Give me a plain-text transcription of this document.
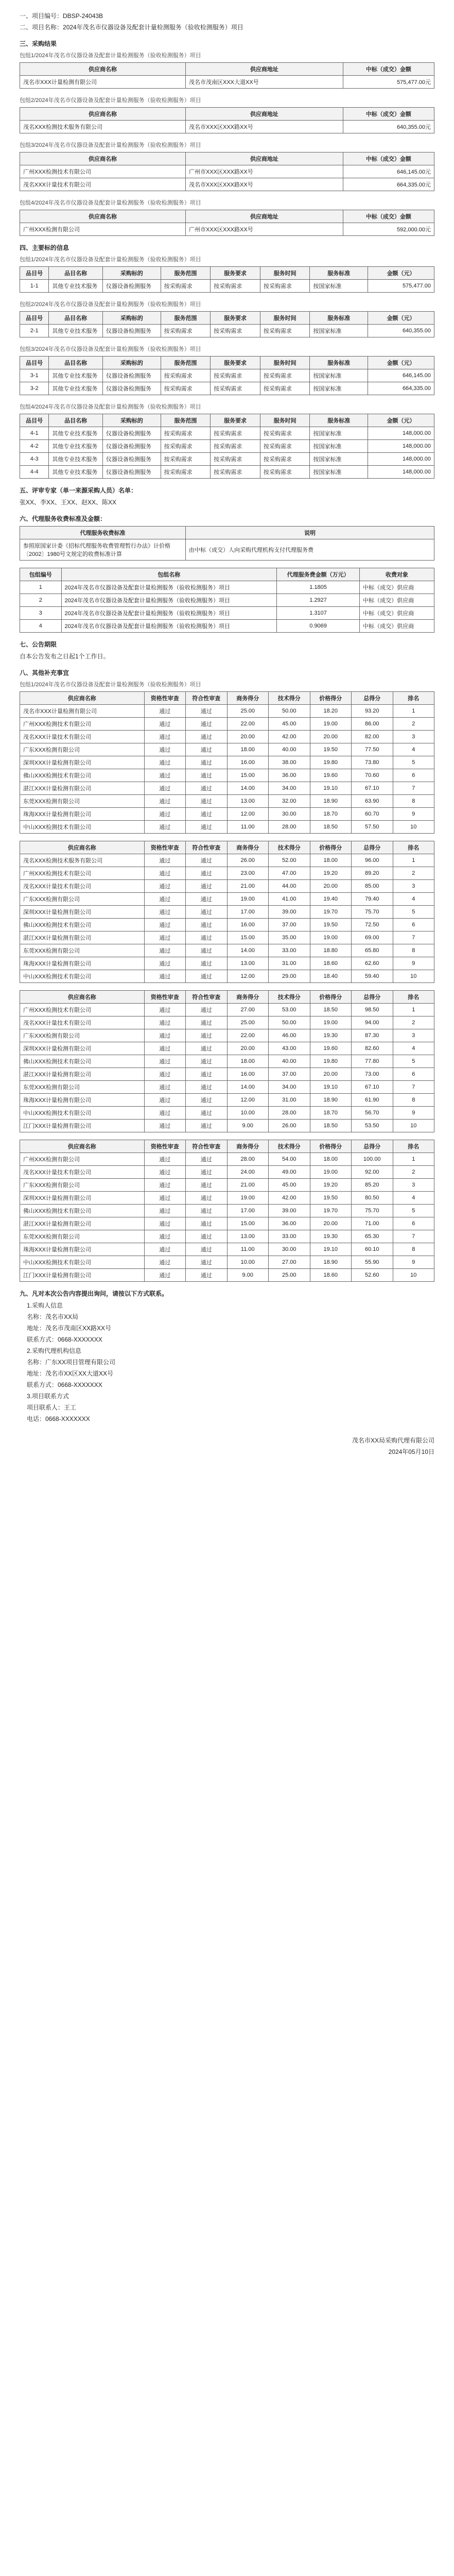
一、项目编号：DBSP-24043B
二、项目名称：2024年茂名市仪器设备及配套计量检测服务（验收检测服务）项目
三、采购结果
包组1/2024年茂名市仪器设备及配套计量检测服务（验收检测服务）项目
供应商名称	供应商地址	中标（成交）金额
茂名市XXX计量检测有限公司	茂名市茂南区XXX大道XX号	575,477.00元
包组2/2024年茂名市仪器设备及配套计量检测服务（验收检测服务）项目
供应商名称	供应商地址	中标（成交）金额
茂名XXX检测技术服务有限公司	茂名市XXX区XXX路XX号	640,355.00元
包组3/2024年茂名市仪器设备及配套计量检测服务（验收检测服务）项目
供应商名称	供应商地址	中标（成交）金额
广州XXX检测技术有限公司	广州市XXX区XXX路XX号	646,145.00元
茂名XXX计量技术有限公司	茂名市XXX区XXX路XX号	664,335.00元
包组4/2024年茂名市仪器设备及配套计量检测服务（验收检测服务）项目
供应商名称	供应商地址	中标（成交）金额
广州XXX检测有限公司	广州市XXX区XXX路XX号	592,000.00元
四、主要标的信息
包组1/2024年茂名市仪器设备及配套计量检测服务（验收检测服务）项目
品目号	品目名称	采购标的	服务范围	服务要求	服务时间	服务标准	金额（元）
1-1	其他专业技术服务	仪器设备检测服务	按采购需求	按采购需求	按采购需求	按国家标准	575,477.00
包组2/2024年茂名市仪器设备及配套计量检测服务（验收检测服务）项目
品目号	品目名称	采购标的	服务范围	服务要求	服务时间	服务标准	金额（元）
2-1	其他专业技术服务	仪器设备检测服务	按采购需求	按采购需求	按采购需求	按国家标准	640,355.00
包组3/2024年茂名市仪器设备及配套计量检测服务（验收检测服务）项目
品目号	品目名称	采购标的	服务范围	服务要求	服务时间	服务标准	金额（元）
3-1	其他专业技术服务	仪器设备检测服务	按采购需求	按采购需求	按采购需求	按国家标准	646,145.00
3-2	其他专业技术服务	仪器设备检测服务	按采购需求	按采购需求	按采购需求	按国家标准	664,335.00
包组4/2024年茂名市仪器设备及配套计量检测服务（验收检测服务）项目
品目号	品目名称	采购标的	服务范围	服务要求	服务时间	服务标准	金额（元）
4-1	其他专业技术服务	仪器设备检测服务	按采购需求	按采购需求	按采购需求	按国家标准	148,000.00
4-2	其他专业技术服务	仪器设备检测服务	按采购需求	按采购需求	按采购需求	按国家标准	148,000.00
4-3	其他专业技术服务	仪器设备检测服务	按采购需求	按采购需求	按采购需求	按国家标准	148,000.00
4-4	其他专业技术服务	仪器设备检测服务	按采购需求	按采购需求	按采购需求	按国家标准	148,000.00
五、评审专家（单一来源采购人员）名单：
张XX、李XX、王XX、赵XX、陈XX
六、代理服务收费标准及金额：
代理服务收费标准	说明
参照原国家计委《招标代理服务收费管理暂行办法》计价格〔2002〕1980号文规定的收费标准计算	由中标（成交）人向采购代理机构支付代理服务费
包组编号	包组名称	代理服务费金额（万元）	收费对象
1	2024年茂名市仪器设备及配套计量检测服务（验收检测服务）项目	1.1805	中标（成交）供应商
2	2024年茂名市仪器设备及配套计量检测服务（验收检测服务）项目	1.2927	中标（成交）供应商
3	2024年茂名市仪器设备及配套计量检测服务（验收检测服务）项目	1.3107	中标（成交）供应商
4	2024年茂名市仪器设备及配套计量检测服务（验收检测服务）项目	0.9069	中标（成交）供应商
七、公告期限
自本公告发布之日起1个工作日。
八、其他补充事宜
包组1/2024年茂名市仪器设备及配套计量检测服务（验收检测服务）项目
供应商名称	资格性审查	符合性审查	商务得分	技术得分	价格得分	总得分	排名
茂名市XXX计量检测有限公司	通过	通过	25.00	50.00	18.20	93.20	1
广州XXX检测技术有限公司	通过	通过	22.00	45.00	19.00	86.00	2
茂名XXX计量技术有限公司	通过	通过	20.00	42.00	20.00	82.00	3
广东XXX检测有限公司	通过	通过	18.00	40.00	19.50	77.50	4
深圳XXX计量检测有限公司	通过	通过	16.00	38.00	19.80	73.80	5
佛山XXX检测技术有限公司	通过	通过	15.00	36.00	19.60	70.60	6
湛江XXX计量检测有限公司	通过	通过	14.00	34.00	19.10	67.10	7
东莞XXX检测有限公司	通过	通过	13.00	32.00	18.90	63.90	8
珠海XXX计量检测有限公司	通过	通过	12.00	30.00	18.70	60.70	9
中山XXX检测技术有限公司	通过	通过	11.00	28.00	18.50	57.50	10
供应商名称	资格性审查	符合性审查	商务得分	技术得分	价格得分	总得分	排名
茂名XXX检测技术服务有限公司	通过	通过	26.00	52.00	18.00	96.00	1
广州XXX检测技术有限公司	通过	通过	23.00	47.00	19.20	89.20	2
茂名XXX计量技术有限公司	通过	通过	21.00	44.00	20.00	85.00	3
广东XXX检测有限公司	通过	通过	19.00	41.00	19.40	79.40	4
深圳XXX计量检测有限公司	通过	通过	17.00	39.00	19.70	75.70	5
佛山XXX检测技术有限公司	通过	通过	16.00	37.00	19.50	72.50	6
湛江XXX计量检测有限公司	通过	通过	15.00	35.00	19.00	69.00	7
东莞XXX检测有限公司	通过	通过	14.00	33.00	18.80	65.80	8
珠海XXX计量检测有限公司	通过	通过	13.00	31.00	18.60	62.60	9
中山XXX检测技术有限公司	通过	通过	12.00	29.00	18.40	59.40	10
供应商名称	资格性审查	符合性审查	商务得分	技术得分	价格得分	总得分	排名
广州XXX检测技术有限公司	通过	通过	27.00	53.00	18.50	98.50	1
茂名XXX计量技术有限公司	通过	通过	25.00	50.00	19.00	94.00	2
广东XXX检测有限公司	通过	通过	22.00	46.00	19.30	87.30	3
深圳XXX计量检测有限公司	通过	通过	20.00	43.00	19.60	82.60	4
佛山XXX检测技术有限公司	通过	通过	18.00	40.00	19.80	77.80	5
湛江XXX计量检测有限公司	通过	通过	16.00	37.00	20.00	73.00	6
东莞XXX检测有限公司	通过	通过	14.00	34.00	19.10	67.10	7
珠海XXX计量检测有限公司	通过	通过	12.00	31.00	18.90	61.90	8
中山XXX检测技术有限公司	通过	通过	10.00	28.00	18.70	56.70	9
江门XXX计量检测有限公司	通过	通过	9.00	26.00	18.50	53.50	10
供应商名称	资格性审查	符合性审查	商务得分	技术得分	价格得分	总得分	排名
广州XXX检测有限公司	通过	通过	28.00	54.00	18.00	100.00	1
茂名XXX计量技术有限公司	通过	通过	24.00	49.00	19.00	92.00	2
广东XXX检测有限公司	通过	通过	21.00	45.00	19.20	85.20	3
深圳XXX计量检测有限公司	通过	通过	19.00	42.00	19.50	80.50	4
佛山XXX检测技术有限公司	通过	通过	17.00	39.00	19.70	75.70	5
湛江XXX计量检测有限公司	通过	通过	15.00	36.00	20.00	71.00	6
东莞XXX检测有限公司	通过	通过	13.00	33.00	19.30	65.30	7
珠海XXX计量检测有限公司	通过	通过	11.00	30.00	19.10	60.10	8
中山XXX检测技术有限公司	通过	通过	10.00	27.00	18.90	55.90	9
江门XXX计量检测有限公司	通过	通过	9.00	25.00	18.60	52.60	10
九、凡对本次公告内容提出询问，请按以下方式联系。
1.采购人信息
名称：茂名市XX局
地址：茂名市茂南区XX路XX号
联系方式：0668-XXXXXXX
2.采购代理机构信息
名称：广东XX项目管理有限公司
地址：茂名市XX区XX大道XX号
联系方式：0668-XXXXXXX
3.项目联系方式
项目联系人：王工
电话：0668-XXXXXXX
茂名市XX局采购代理有限公司
2024年05月10日
